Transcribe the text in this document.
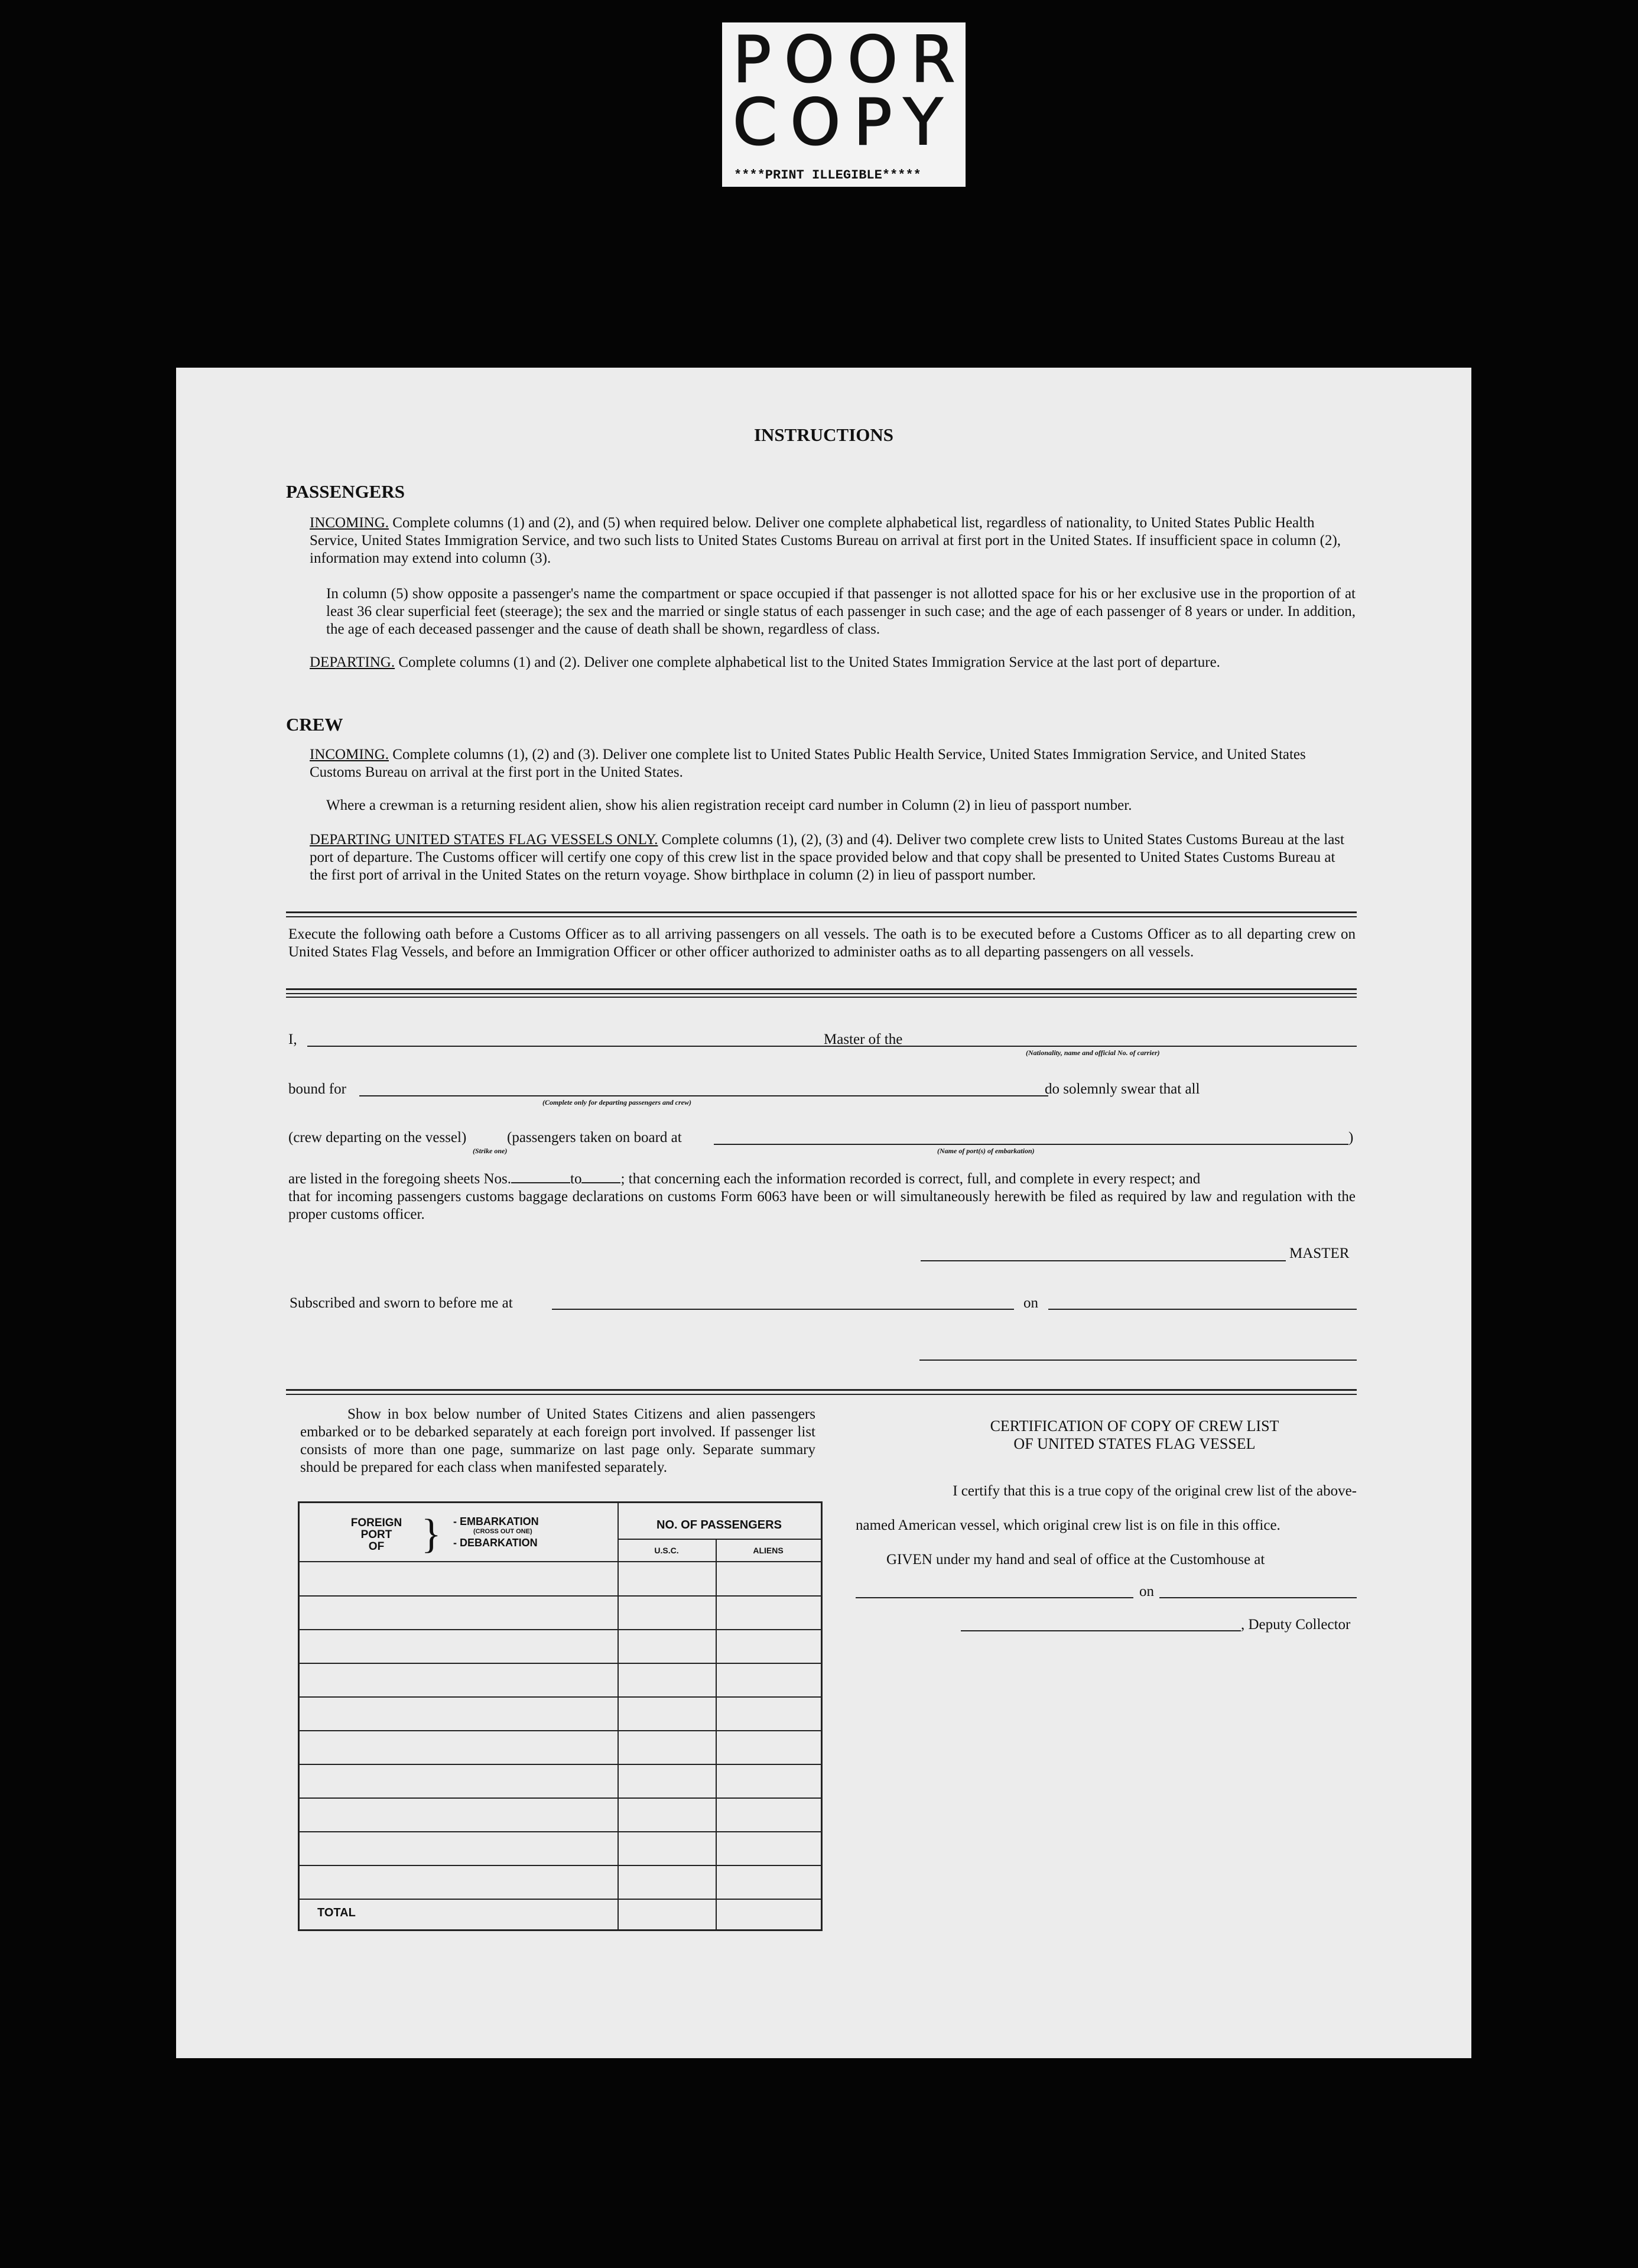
POOR
COPY
****PRINT ILLEGIBLE*****
INSTRUCTIONS
PASSENGERS
INCOMING. Complete columns (1) and (2), and (5) when required below. Deliver one complete alphabetical list, regardless of nationality, to United States Public Health Service, United States Immigration Service, and two such lists to United States Customs Bureau on arrival at first port in the United States. If insufficient space in column (2), information may extend into column (3).
In column (5) show opposite a passenger's name the compartment or space occupied if that passenger is not allotted space for his or her exclusive use in the proportion of at least 36 clear superficial feet (steerage); the sex and the married or single status of each passenger in such case; and the age of each passenger of 8 years or under. In addition, the age of each deceased passenger and the cause of death shall be shown, regardless of class.
DEPARTING. Complete columns (1) and (2). Deliver one complete alphabetical list to the United States Immigration Service at the last port of departure.
CREW
INCOMING. Complete columns (1), (2) and (3). Deliver one complete list to United States Public Health Service, United States Immigration Service, and United States Customs Bureau on arrival at the first port in the United States.
Where a crewman is a returning resident alien, show his alien registration receipt card number in Column (2) in lieu of passport number.
DEPARTING UNITED STATES FLAG VESSELS ONLY. Complete columns (1), (2), (3) and (4). Deliver two complete crew lists to United States Customs Bureau at the last port of departure. The Customs officer will certify one copy of this crew list in the space provided below and that copy shall be presented to United States Customs Bureau at the first port of arrival in the United States on the return voyage. Show birthplace in column (2) in lieu of passport number.
Execute the following oath before a Customs Officer as to all arriving passengers on all vessels. The oath is to be executed before a Customs Officer as to all departing crew on United States Flag Vessels, and before an Immigration Officer or other officer authorized to administer oaths as to all departing passengers on all vessels.
I,	Master of the
(Nationality, name and official No. of carrier)
bound for
(Complete only for departing passengers and crew)
do solemnly swear that all
(crew departing on the vessel)	(passengers taken on board at	)
(Strike one)	(Name of port(s) of embarkation)
are listed in the foregoing sheets Nos.	to	; that concerning each the information recorded is correct, full, and complete in every respect; and
that for incoming passengers customs baggage declarations on customs Form 6063 have been or will simultaneously herewith be filed as required by law and regulation with the proper customs officer.
MASTER
Subscribed and sworn to before me at	on
Show in box below number of United States Citizens and alien passengers embarked or to be debarked separately at each foreign port involved. If passenger list consists of more than one page, summarize on last page only. Separate summary should be prepared for each class when manifested separately.
FOREIGN
PORT
OF } - EMBARKATION
(CROSS OUT ONE)
- DEBARKATION
NO. OF PASSENGERS
U.S.C.	ALIENS
TOTAL
CERTIFICATION OF COPY OF CREW LIST
OF UNITED STATES FLAG VESSEL
I certify that this is a true copy of the original crew list of the above-
named American vessel, which original crew list is on file in this office.
GIVEN under my hand and seal of office at the Customhouse at
on
, Deputy Collector
